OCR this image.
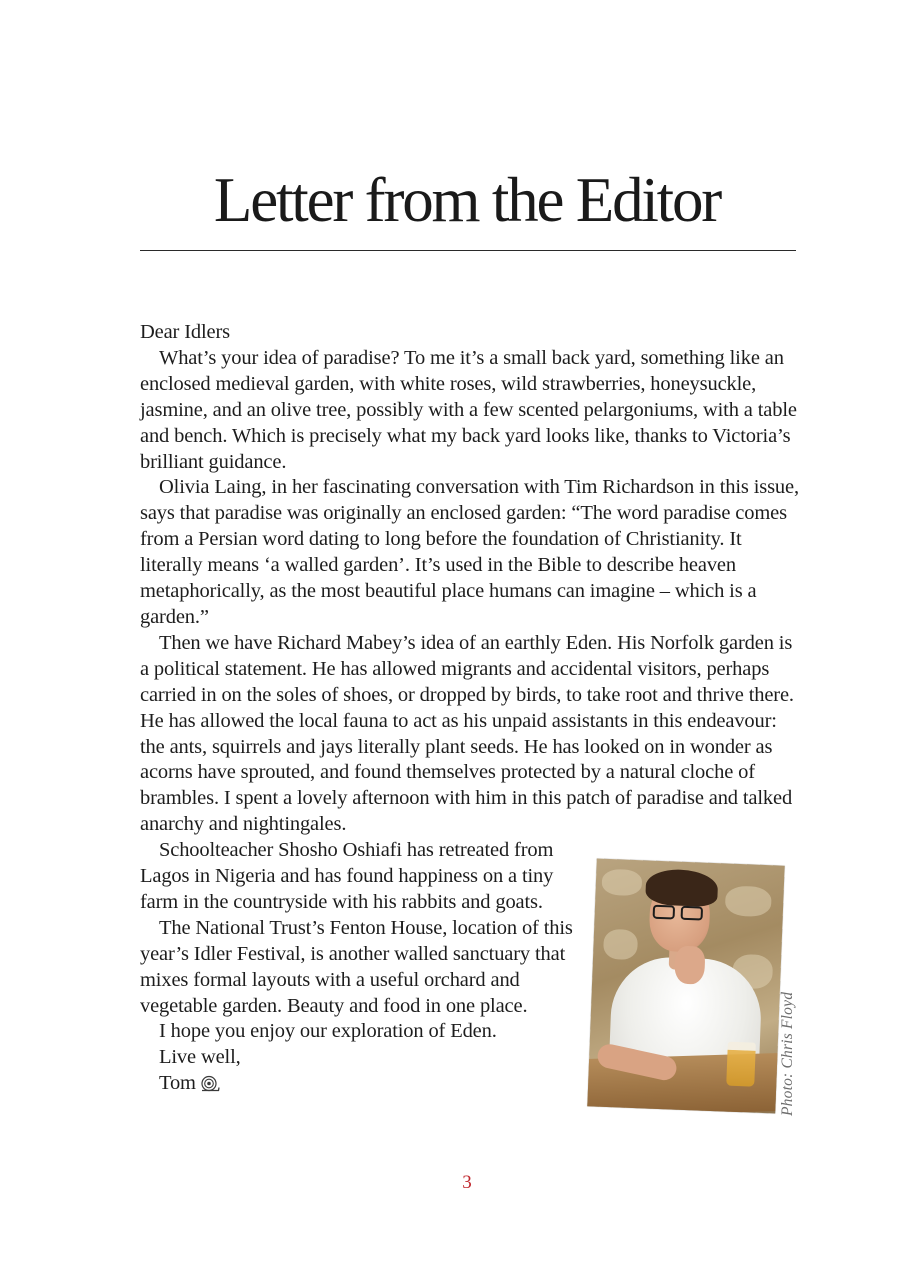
Letter from the Editor

Dear Idlers

What’s your idea of paradise? To me it’s a small back yard, something like an enclosed medieval garden, with white roses, wild strawberries, honeysuckle, jasmine, and an olive tree, possibly with a few scented pelargoniums, with a table and bench. Which is precisely what my back yard looks like, thanks to Victoria’s brilliant guidance.

Olivia Laing, in her fascinating conversation with Tim Richardson in this issue, says that paradise was originally an enclosed garden: “The word paradise comes from a Persian word dating to long before the foundation of Christianity. It literally means ‘a walled garden’. It’s used in the Bible to describe heaven metaphorically, as the most beautiful place humans can imagine – which is a garden.”

Then we have Richard Mabey’s idea of an earthly Eden. His Norfolk garden is a political statement. He has allowed migrants and accidental visitors, perhaps carried in on the soles of shoes, or dropped by birds, to take root and thrive there. He has allowed the local fauna to act as his unpaid assistants in this endeavour: the ants, squirrels and jays literally plant seeds. He has looked on in wonder as acorns have sprouted, and found themselves protected by a natural cloche of brambles. I spent a lovely afternoon with him in this patch of paradise and talked anarchy and nightingales.

Schoolteacher Shosho Oshiafi has retreated from Lagos in Nigeria and has found happiness on a tiny farm in the countryside with his rabbits and goats.

The National Trust’s Fenton House, location of this year’s Idler Festival, is another walled sanctuary that mixes formal layouts with a useful orchard and vegetable garden. Beauty and food in one place.

I hope you enjoy our exploration of Eden.

Live well,

Tom	Photo: Chris Floyd
3
